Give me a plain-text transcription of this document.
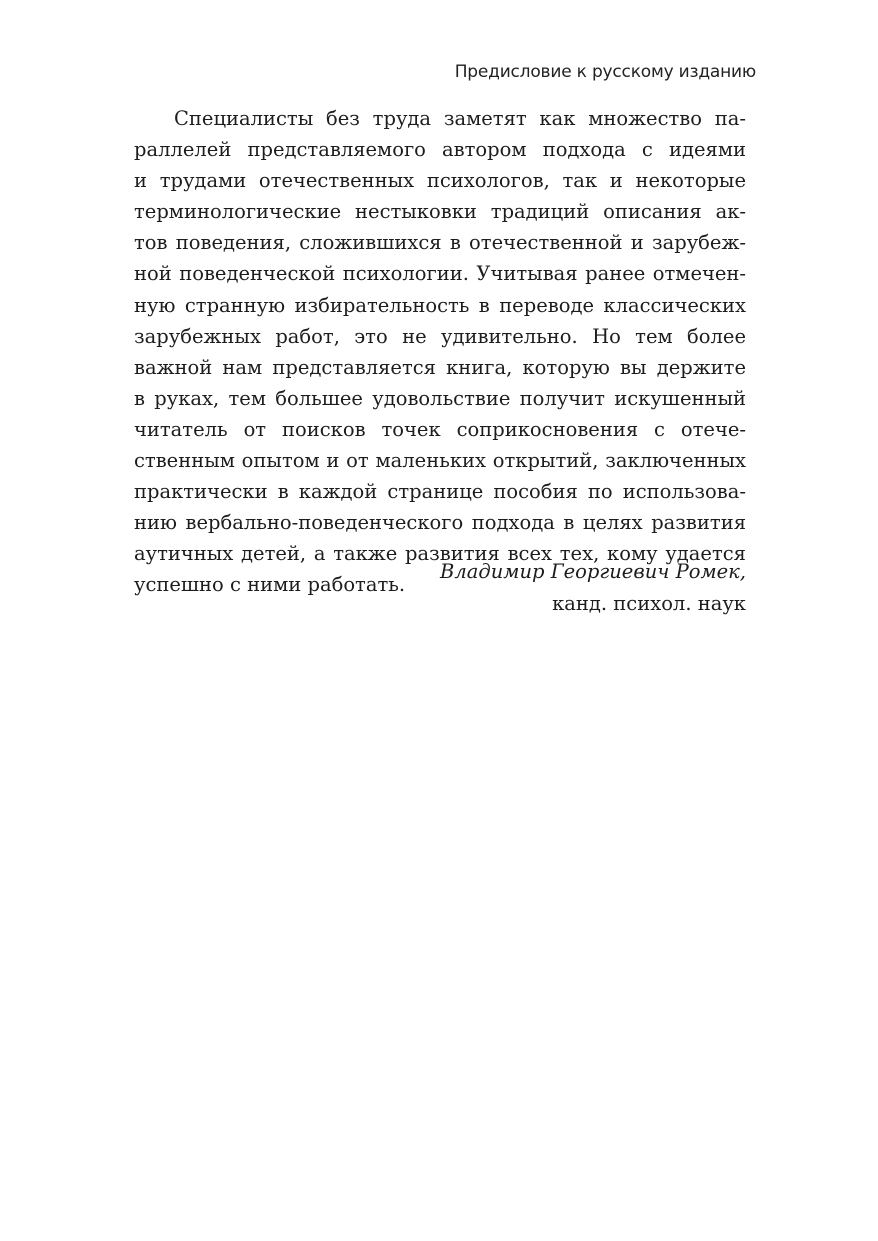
Предисловие к русскому изданию
Специалисты без труда заметят как множество па-
раллелей представляемого автором подхода с идеями
и трудами отечественных психологов, так и некоторые
терминологические нестыковки традиций описания ак-
тов поведения, сложившихся в отечественной и зарубеж-
ной поведенческой психологии. Учитывая ранее отмечен-
ную странную избирательность в переводе классических
зарубежных работ, это не удивительно. Но тем более
важной нам представляется книга, которую вы держите
в руках, тем большее удовольствие получит искушенный
читатель от поисков точек соприкосновения с отече-
ственным опытом и от маленьких открытий, заключенных
практически в каждой странице пособия по использова-
нию вербально-поведенческого подхода в целях развития
аутичных детей, а также развития всех тех, кому удается
успешно с ними работать.
Владимир Георгиевич Ромек,
канд. психол. наук
